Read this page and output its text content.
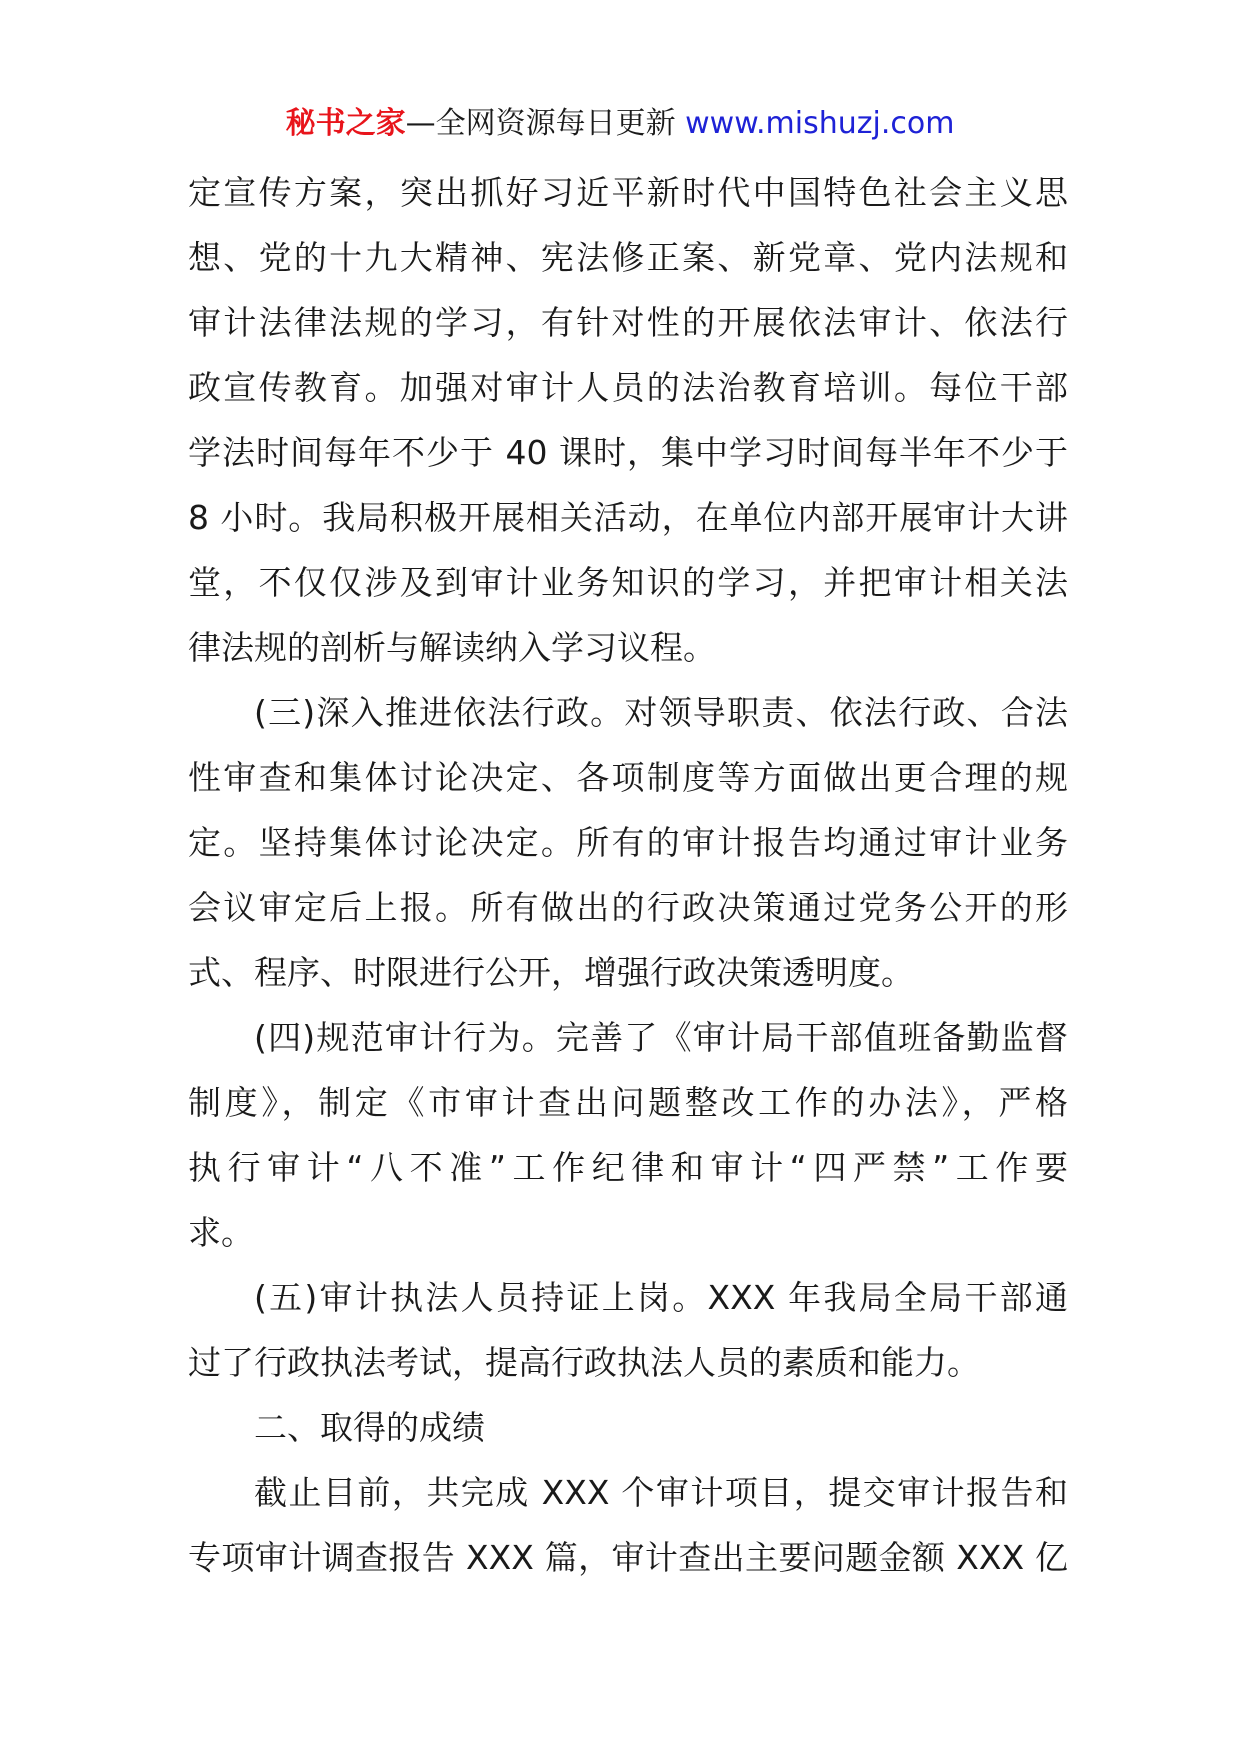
秘书之家—全网资源每日更新 www.mishuzj.com
定宣传方案，突出抓好习近平新时代中国特色社会主义思
想、党的十九大精神、宪法修正案、新党章、党内法规和
审计法律法规的学习，有针对性的开展依法审计、依法行
政宣传教育。加强对审计人员的法治教育培训。每位干部
学法时间每年不少于 40 课时，集中学习时间每半年不少于
8 小时。我局积极开展相关活动，在单位内部开展审计大讲
堂，不仅仅涉及到审计业务知识的学习，并把审计相关法
律法规的剖析与解读纳入学习议程。
(三)深入推进依法行政。对领导职责、依法行政、合法
性审查和集体讨论决定、各项制度等方面做出更合理的规
定。坚持集体讨论决定。所有的审计报告均通过审计业务
会议审定后上报。所有做出的行政决策通过党务公开的形
式、程序、时限进行公开，增强行政决策透明度。
(四)规范审计行为。完善了《审计局干部值班备勤监督
制度》，制定《市审计查出问题整改工作的办法》，严格
执行审计“八不准”工作纪律和审计“四严禁”工作要
求。
(五)审计执法人员持证上岗。XXX 年我局全局干部通
过了行政执法考试，提高行政执法人员的素质和能力。
二、取得的成绩
截止目前，共完成 XXX 个审计项目，提交审计报告和
专项审计调查报告 XXX 篇，审计查出主要问题金额 XXX 亿
